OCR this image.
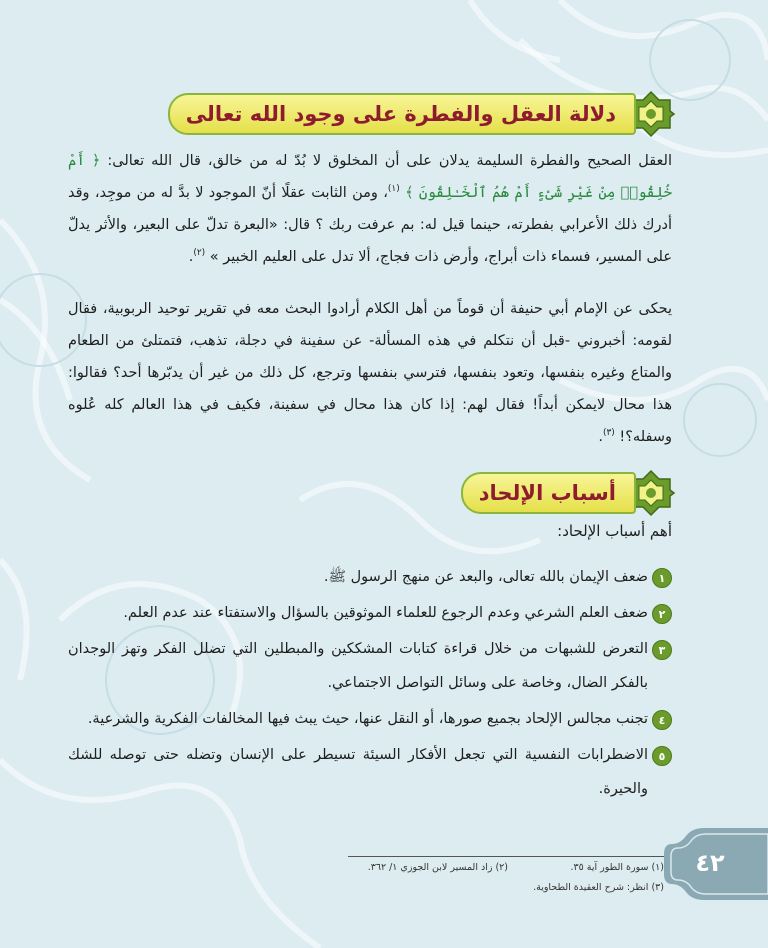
دلالة العقل والفطرة على وجود الله تعالى

العقل الصحيح والفطرة السليمة يدلان على أن المخلوق لا بُدّ له من خالق، قال الله تعالى: ﴿ أَمْ خُلِقُوا۟ مِنْ غَيْرِ شَىْءٍ أَمْ هُمُ ٱلْخَـٰلِقُونَ ﴾ $^{(١)}$، ومن الثابت عقلًا أنّ الموجود لا بدَّ له من موجِد، وقد أدرك ذلك الأعرابي بفطرته، حينما قيل له: بم عرفت ربك ؟ قال: «البعرة تدلّ على البعير، والأثر يدلّ على المسير، فسماء ذات أبراج، وأرض ذات فجاج، ألا تدل على العليم الخبير » $^{(٢)}$.

يحكى عن الإمام أبي حنيفة أن قوماً من أهل الكلام أرادوا البحث معه في تقرير توحيد الربوبية، فقال لقومه: أخبروني -قبل أن نتكلم في هذه المسألة- عن سفينة في دجلة، تذهب، فتمتلئ من الطعام والمتاع وغيره بنفسها، وتعود بنفسها، فترسي بنفسها وترجع، كل ذلك من غير أن يدبّرها أحد؟ فقالوا: هذا محال لايمكن أبداً! فقال لهم: إذا كان هذا محال في سفينة، فكيف في هذا العالم كله عُلوه وسفله؟! $^{(٣)}$.

أسباب الإلحاد

أهم أسباب الإلحاد:

١
ضعف الإيمان بالله تعالى، والبعد عن منهج الرسول ﷺ.
٢
ضعف العلم الشرعي وعدم الرجوع للعلماء الموثوقين بالسؤال والاستفتاء عند عدم العلم.
٣
التعرض للشبهات من خلال قراءة كتابات المشككين والمبطلين التي تضلل الفكر وتهز الوجدان بالفكر الضال، وخاصة على وسائل التواصل الاجتماعي.
٤
تجنب مجالس الإلحاد بجميع صورها، أو النقل عنها، حيث يبث فيها المخالفات الفكرية والشرعية.
٥
الاضطرابات النفسية التي تجعل الأفكار السيئة تسيطر على الإنسان وتضله حتى توصله للشك والحيرة.

(١) سورة الطور آية ٣٥.

(٢) زاد المسير لابن الجوزي ١/ ٣٦٢.

(٣) انظر: شرح العقيدة الطحاوية.

٤٢
